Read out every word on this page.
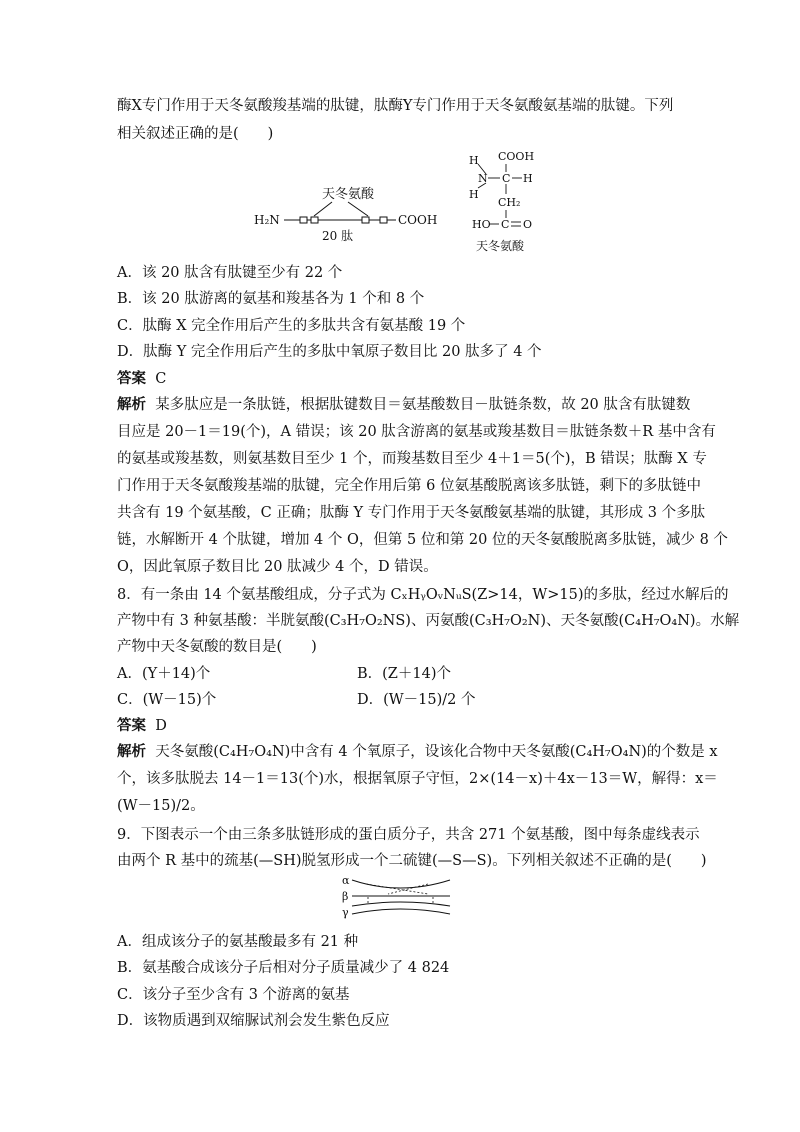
酶X专门作用于天冬氨酸羧基端的肽键，肽酶Y专门作用于天冬氨酸氨基端的肽键。下列
相关叙述正确的是(　　)
天冬氨酸
H₂N	COOH
20 肽
COOH
H
N C H
H
CH₂
HO C O
天冬氨酸
A．该 20 肽含有肽键至少有 22 个
B．该 20 肽游离的氨基和羧基各为 1 个和 8 个
C．肽酶 X 完全作用后产生的多肽共含有氨基酸 19 个
D．肽酶 Y 完全作用后产生的多肽中氧原子数目比 20 肽多了 4 个
答案 C
解析 某多肽应是一条肽链，根据肽键数目＝氨基酸数目－肽链条数，故 20 肽含有肽键数
目应是 20－1＝19(个)，A 错误；该 20 肽含游离的氨基或羧基数目＝肽链条数＋R 基中含有
的氨基或羧基数，则氨基数目至少 1 个，而羧基数目至少 4＋1＝5(个)，B 错误；肽酶 X 专
门作用于天冬氨酸羧基端的肽键，完全作用后第 6 位氨基酸脱离该多肽链，剩下的多肽链中
共含有 19 个氨基酸，C 正确；肽酶 Y 专门作用于天冬氨酸氨基端的肽键，其形成 3 个多肽
链，水解断开 4 个肽键，增加 4 个 O，但第 5 位和第 20 位的天冬氨酸脱离多肽链，减少 8 个
O，因此氧原子数目比 20 肽减少 4 个，D 错误。
8．有一条由 14 个氨基酸组成，分子式为 CₓHᵧOᵥNᵤS(Z>14，W>15)的多肽，经过水解后的
产物中有 3 种氨基酸：半胱氨酸(C₃H₇O₂NS)、丙氨酸(C₃H₇O₂N)、天冬氨酸(C₄H₇O₄N)。水解
产物中天冬氨酸的数目是(　　)
A．(Y＋14)个	B．(Z＋14)个
C．(W－15)个	D．(W－15)/2 个
答案 D
解析 天冬氨酸(C₄H₇O₄N)中含有 4 个氧原子，设该化合物中天冬氨酸(C₄H₇O₄N)的个数是 x
个，该多肽脱去 14－1＝13(个)水，根据氧原子守恒，2×(14－x)＋4x－13＝W，解得：x＝
(W－15)/2。
9．下图表示一个由三条多肽链形成的蛋白质分子，共含 271 个氨基酸，图中每条虚线表示
由两个 R 基中的巯基(—SH)脱氢形成一个二硫键(—S—S)。下列相关叙述不正确的是(　　)
α
β
γ
A．组成该分子的氨基酸最多有 21 种
B．氨基酸合成该分子后相对分子质量减少了 4 824
C．该分子至少含有 3 个游离的氨基
D．该物质遇到双缩脲试剂会发生紫色反应
